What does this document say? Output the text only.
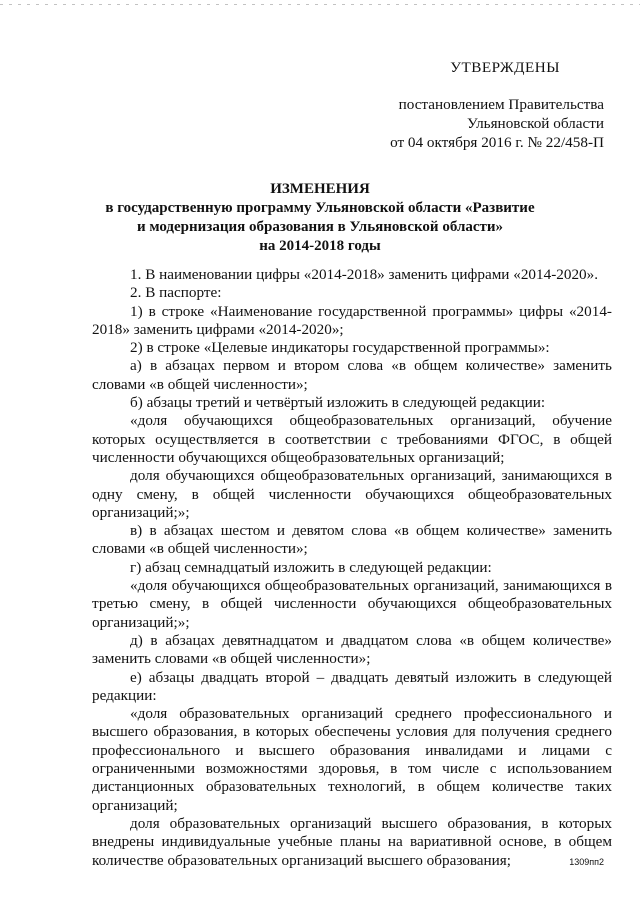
УТВЕРЖДЕНЫ
постановлением Правительства
Ульяновской области
от 04 октября 2016 г. № 22/458-П
ИЗМЕНЕНИЯ
в государственную программу Ульяновской области «Развитие
и модернизация образования в Ульяновской области»
на 2014-2018 годы

1. В наименовании цифры «2014-2018» заменить цифрами «2014-2020».

2. В паспорте:

1) в строке «Наименование государственной программы» цифры «2014-2018» заменить цифрами «2014-2020»;

2) в строке «Целевые индикаторы государственной программы»:

а) в абзацах первом и втором слова «в общем количестве» заменить словами «в общей численности»;

б) абзацы третий и четвёртый изложить в следующей редакции:

«доля обучающихся общеобразовательных организаций, обучение которых осуществляется в соответствии с требованиями ФГОС, в общей численности обучающихся общеобразовательных организаций;

доля обучающихся общеобразовательных организаций, занимающихся в одну смену, в общей численности обучающихся общеобразовательных организаций;»;

в) в абзацах шестом и девятом слова «в общем количестве» заменить словами «в общей численности»;

г) абзац семнадцатый изложить в следующей редакции:

«доля обучающихся общеобразовательных организаций, занимающихся в третью смену, в общей численности обучающихся общеобразовательных организаций;»;

д) в абзацах девятнадцатом и двадцатом слова «в общем количестве» заменить словами «в общей численности»;

е) абзацы двадцать второй – двадцать девятый изложить в следующей редакции:

«доля образовательных организаций среднего профессионального и высшего образования, в которых обеспечены условия для получения среднего профессионального и высшего образования инвалидами и лицами с ограниченными возможностями здоровья, в том числе с использованием дистанционных образовательных технологий, в общем количестве таких организаций;

доля образовательных организаций высшего образования, в которых внедрены индивидуальные учебные планы на вариативной основе, в общем количестве образовательных организаций высшего образования;	1309пп2
